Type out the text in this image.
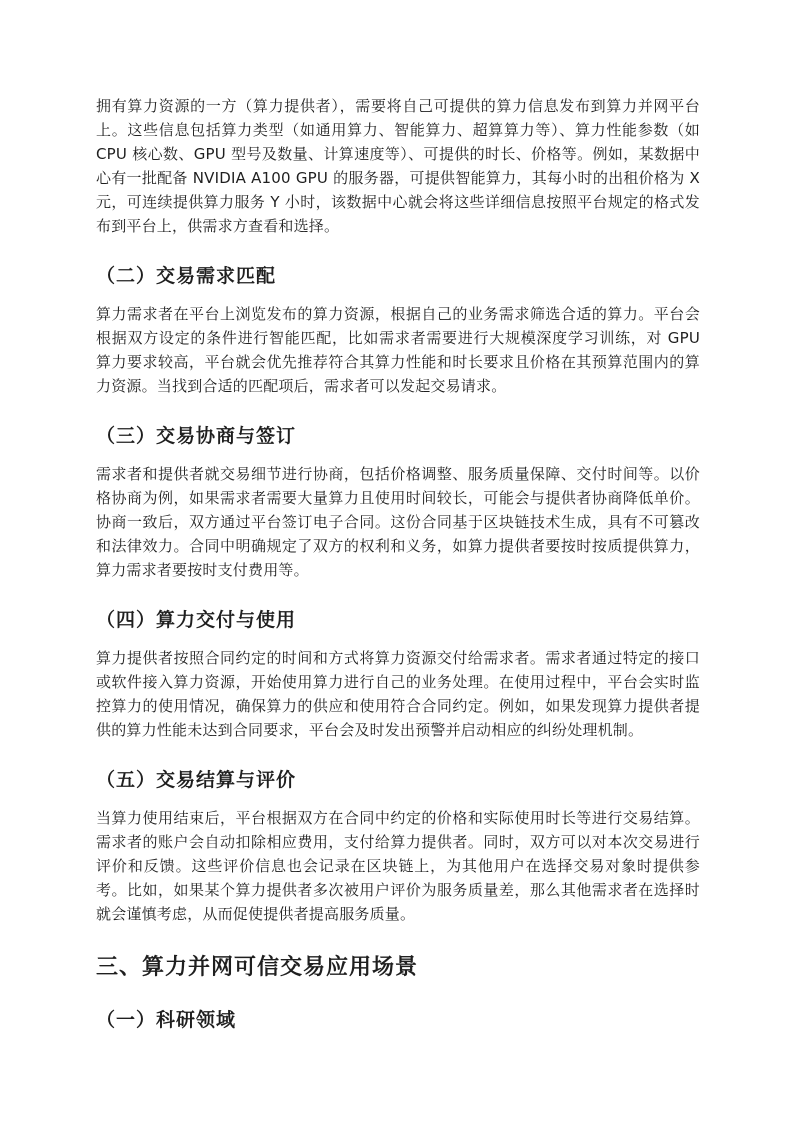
拥有算力资源的一方（算力提供者），需要将自己可提供的算力信息发布到算力并网平台上。这些信息包括算力类型（如通用算力、智能算力、超算算力等）、算力性能参数（如 CPU 核心数、GPU 型号及数量、计算速度等）、可提供的时长、价格等。例如，某数据中心有一批配备 NVIDIA A100 GPU 的服务器，可提供智能算力，其每小时的出租价格为 X 元，可连续提供算力服务 Y 小时，该数据中心就会将这些详细信息按照平台规定的格式发布到平台上，供需求方查看和选择。

（二）交易需求匹配

算力需求者在平台上浏览发布的算力资源，根据自己的业务需求筛选合适的算力。平台会根据双方设定的条件进行智能匹配，比如需求者需要进行大规模深度学习训练，对 GPU 算力要求较高，平台就会优先推荐符合其算力性能和时长要求且价格在其预算范围内的算力资源。当找到合适的匹配项后，需求者可以发起交易请求。

（三）交易协商与签订

需求者和提供者就交易细节进行协商，包括价格调整、服务质量保障、交付时间等。以价格协商为例，如果需求者需要大量算力且使用时间较长，可能会与提供者协商降低单价。协商一致后，双方通过平台签订电子合同。这份合同基于区块链技术生成，具有不可篡改和法律效力。合同中明确规定了双方的权利和义务，如算力提供者要按时按质提供算力，算力需求者要按时支付费用等。

（四）算力交付与使用

算力提供者按照合同约定的时间和方式将算力资源交付给需求者。需求者通过特定的接口或软件接入算力资源，开始使用算力进行自己的业务处理。在使用过程中，平台会实时监控算力的使用情况，确保算力的供应和使用符合合同约定。例如，如果发现算力提供者提供的算力性能未达到合同要求，平台会及时发出预警并启动相应的纠纷处理机制。

（五）交易结算与评价

当算力使用结束后，平台根据双方在合同中约定的价格和实际使用时长等进行交易结算。需求者的账户会自动扣除相应费用，支付给算力提供者。同时，双方可以对本次交易进行评价和反馈。这些评价信息也会记录在区块链上，为其他用户在选择交易对象时提供参考。比如，如果某个算力提供者多次被用户评价为服务质量差，那么其他需求者在选择时就会谨慎考虑，从而促使提供者提高服务质量。

三、算力并网可信交易应用场景
（一）科研领域
